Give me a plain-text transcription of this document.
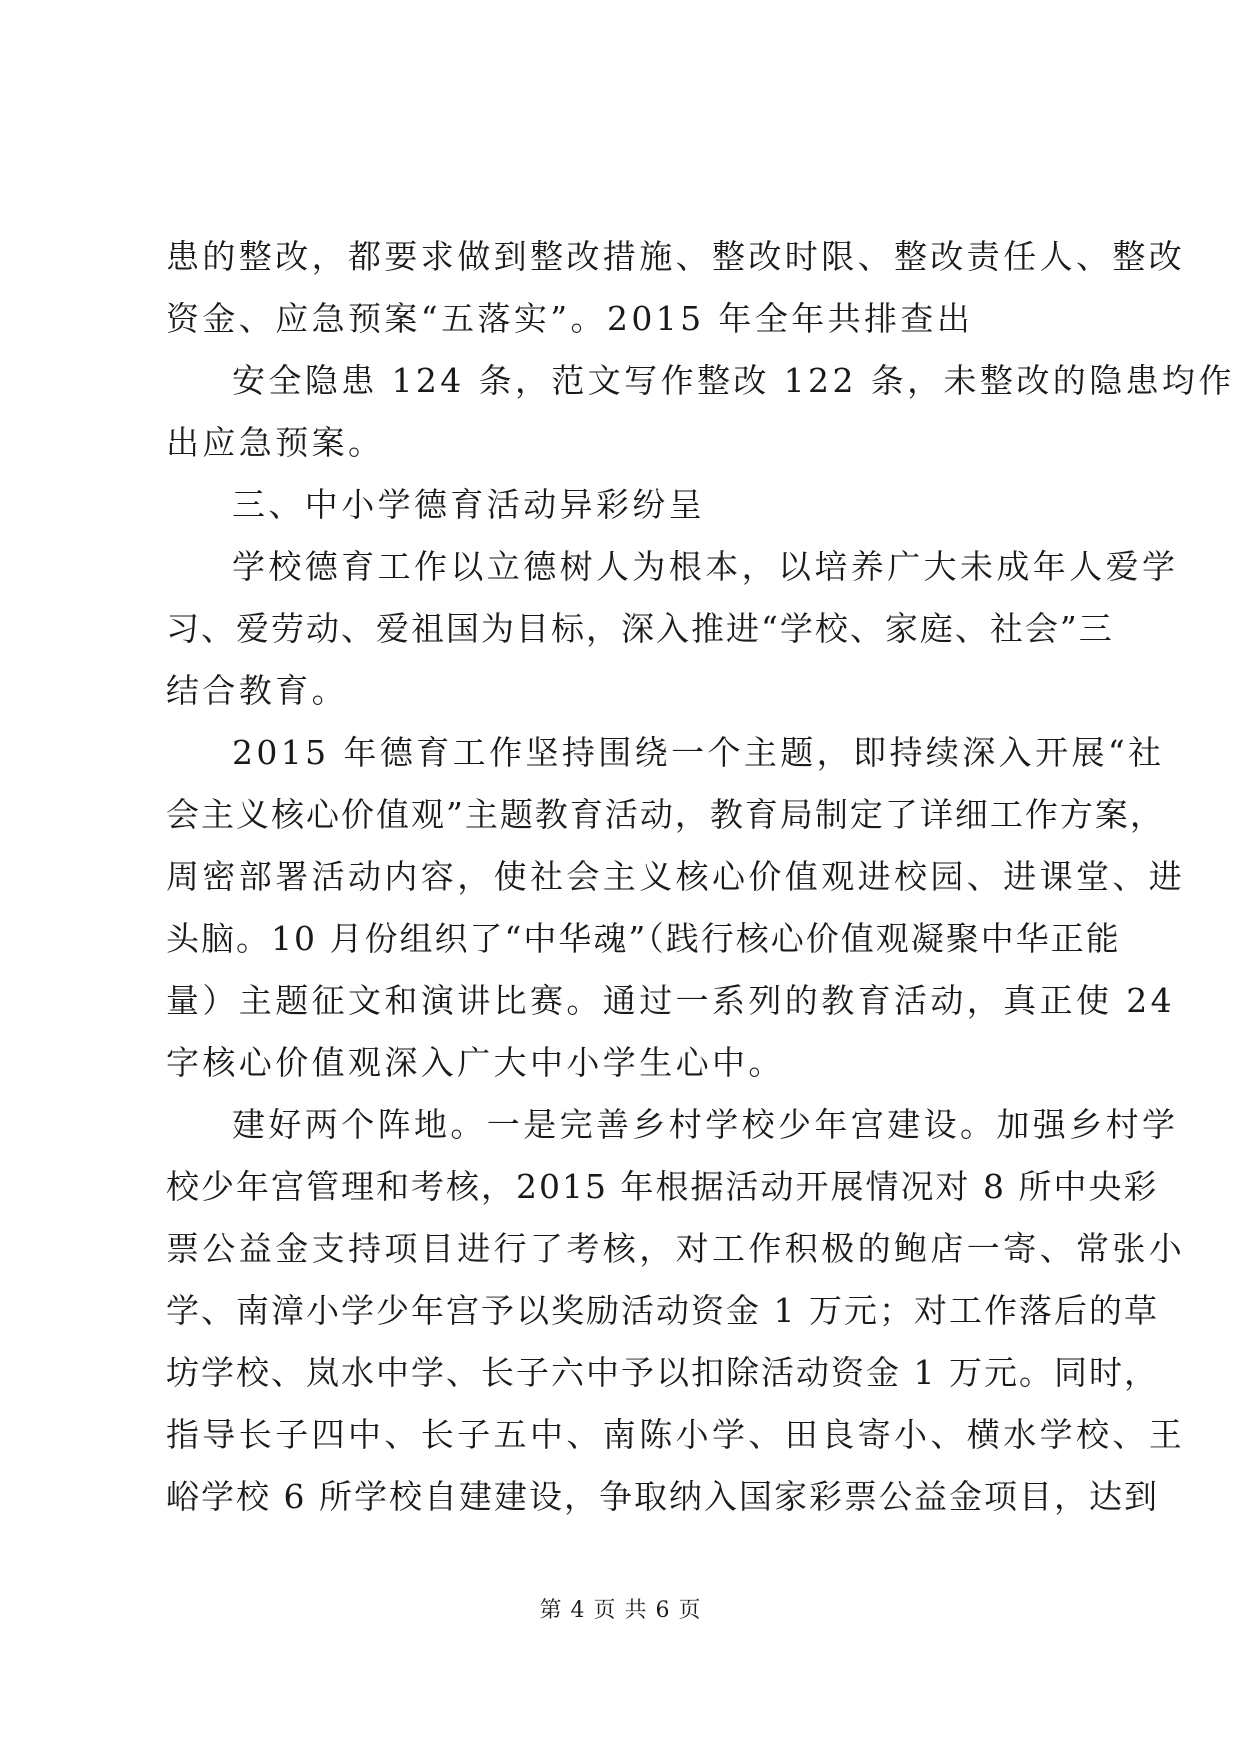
患的整改，都要求做到整改措施、整改时限、整改责任人、整改
资金、应急预案“五落实”。2015 年全年共排查出
安全隐患 124 条，范文写作整改 122 条，未整改的隐患均作
出应急预案。
三、中小学德育活动异彩纷呈
学校德育工作以立德树人为根本，以培养广大未成年人爱学
习、爱劳动、爱祖国为目标，深入推进“学校、家庭、社会”三
结合教育。
2015 年德育工作坚持围绕一个主题，即持续深入开展“社
会主义核心价值观”主题教育活动，教育局制定了详细工作方案，
周密部署活动内容，使社会主义核心价值观进校园、进课堂、进
头脑。10 月份组织了“中华魂”（践行核心价值观凝聚中华正能
量）主题征文和演讲比赛。通过一系列的教育活动，真正使 24
字核心价值观深入广大中小学生心中。
建好两个阵地。一是完善乡村学校少年宫建设。加强乡村学
校少年宫管理和考核，2015 年根据活动开展情况对 8 所中央彩
票公益金支持项目进行了考核，对工作积极的鲍店一寄、常张小
学、南漳小学少年宫予以奖励活动资金 1 万元；对工作落后的草
坊学校、岚水中学、长子六中予以扣除活动资金 1 万元。同时，
指导长子四中、长子五中、南陈小学、田良寄小、横水学校、王
峪学校 6 所学校自建建设，争取纳入国家彩票公益金项目，达到
第 4 页 共 6 页
